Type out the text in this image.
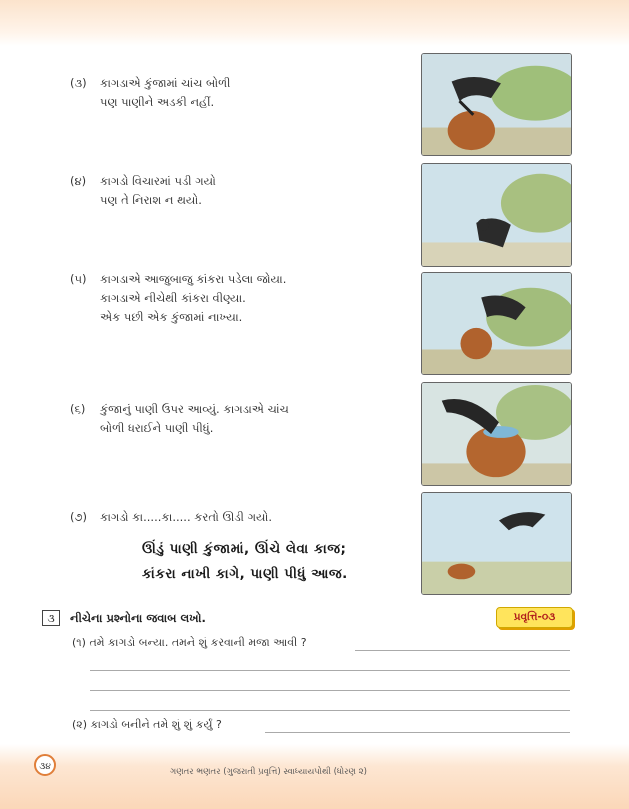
(૩) કાગડાએ કુંજામાં ચાંચ બોળી
પણ પાણીને અડકી નહીં.
(૪) કાગડો વિચારમાં પડી ગયો
પણ તે નિરાશ ન થયો.
(૫) કાગડાએ આજુબાજુ કાંકરા પડેલા જોયા.
કાગડાએ નીચેથી કાંકરા વીણ્યા.
એક પછી એક કુંજામાં નાખ્યા.
(૬) કુંજાનું પાણી ઉપર આવ્યું. કાગડાએ ચાંચ
બોળી ધરાઈને પાણી પીધું.
(૭) કાગડો કા.....કા..... કરતો ઊડી ગયો.
ઊંડું પાણી કુંજામાં, ઊંચે લેવા કાજ;
કાંકરા નાખી કાગે, પાણી પીધું આજ.
૩	નીચેના પ્રશ્નોના જવાબ લખો.	પ્રવૃત્તિ-૦૩
(૧) તમે કાગડો બન્યા. તમને શું કરવાની મજા આવી ?
(૨) કાગડો બનીને તમે શું શું કર્યું ?
૩૪	ગણતર ભણતર (ગુજરાતી પ્રવૃત્તિ) સ્વાધ્યાયપોથી (ધોરણ ૨)
